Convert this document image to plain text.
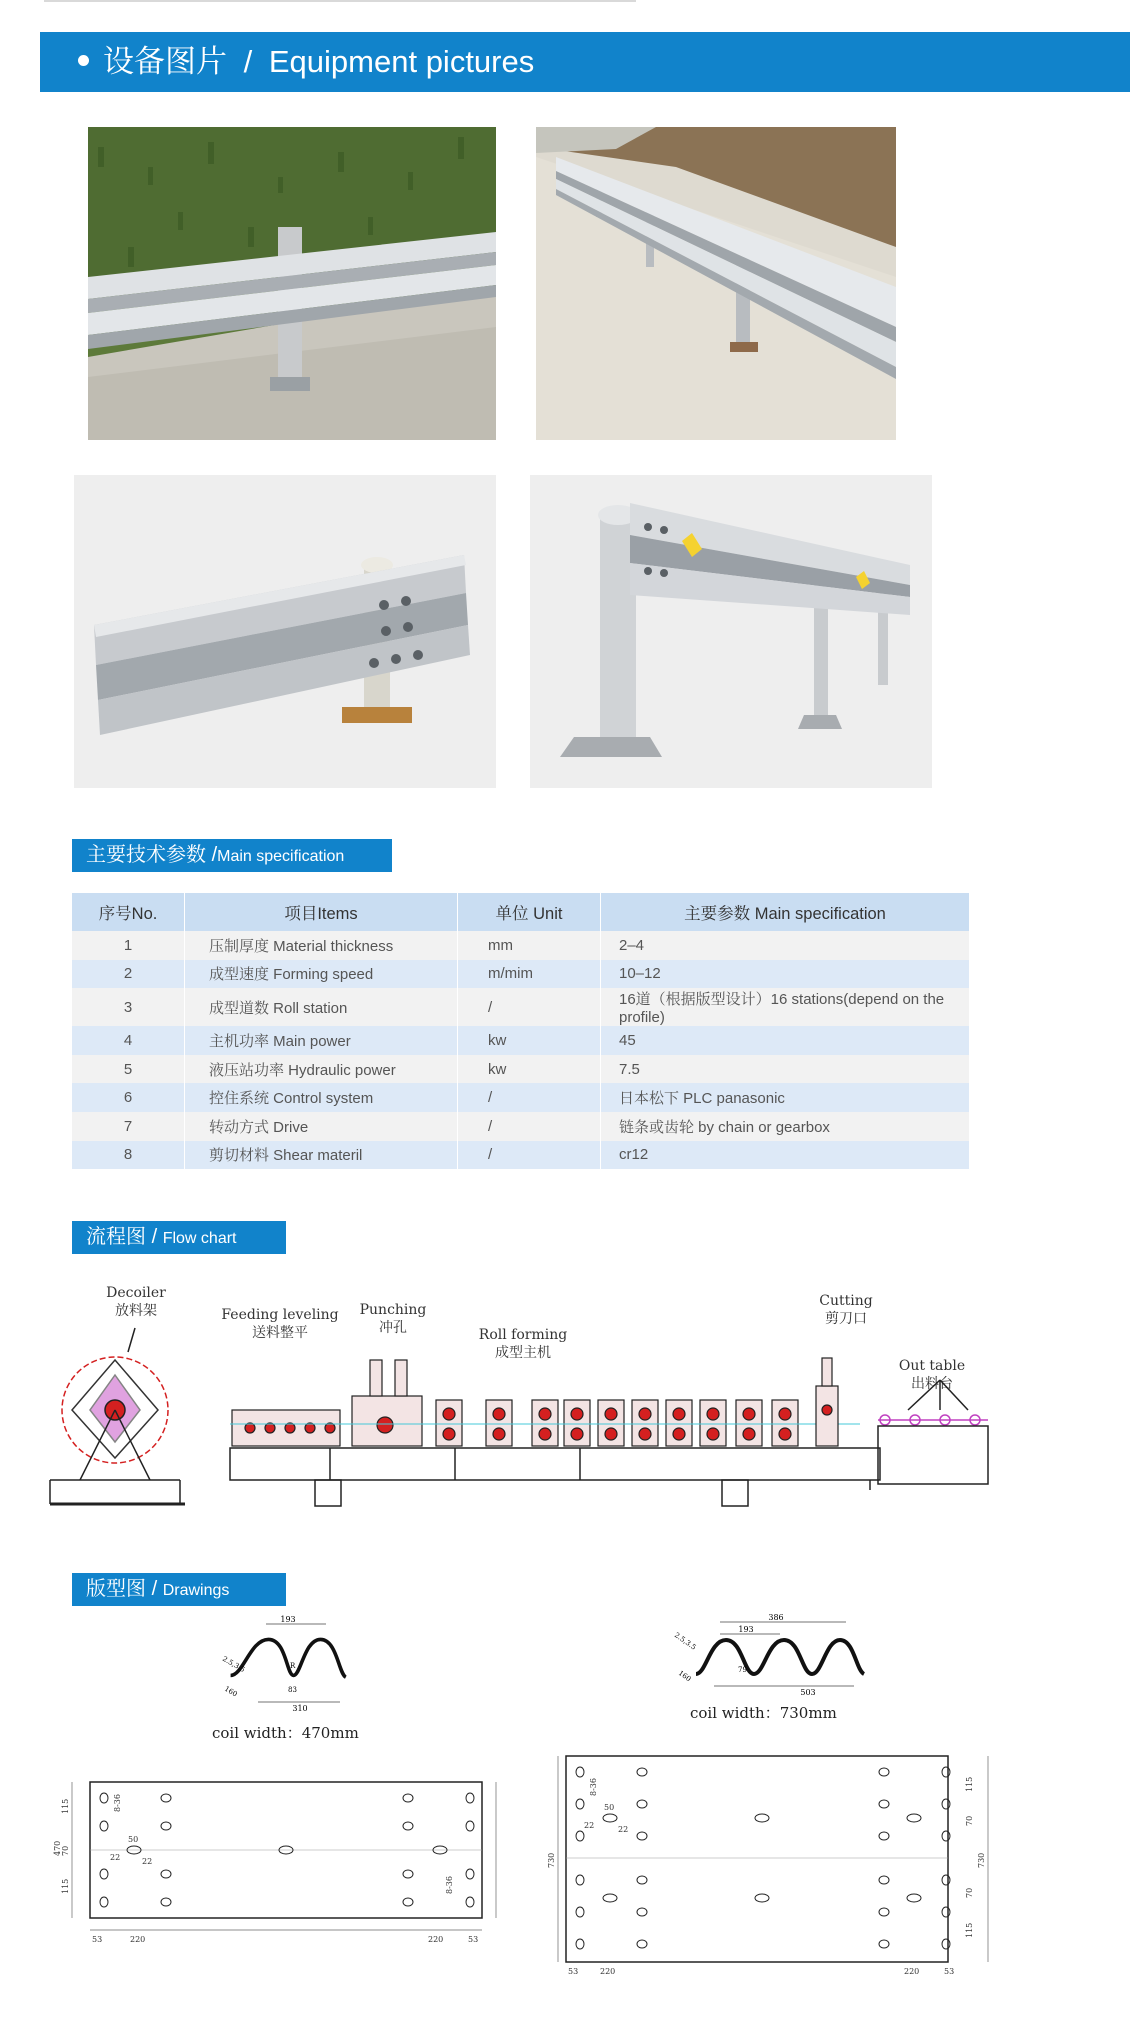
设备图片 / Equipment pictures
主要技术参数 /Main specification
序号No.	项目Items	单位 Unit	主要参数 Main specification
1	压制厚度 Material thickness	mm	2–4
2	成型速度 Forming speed	m/mim	10–12
3	成型道数 Roll station	/	16道（根据版型设计）16 stations(depend on the profile)
4	主机功率 Main power	kw	45
5	液压站功率 Hydraulic power	kw	7.5
6	控住系统 Control system	/	日本松下 PLC panasonic
7	转动方式 Drive	/	链条或齿轮 by chain or gearbox
8	剪切材料 Shear materil	/	cr12
流程图 / Flow chart
Decoiler
放料架	Feeding leveling
送料整平
Punching
冲孔	Roll forming
成型主机
Cutting
剪刀口
Out table
出料台
版型图 / Drawings
193
310
2.5,3.5	R
83
160
coil width：470mm
386
193
503
2.5,3.5
79
160
coil width：730mm
115
70
115
470
53	220	220	53
50
22	22
8-36
8-36
730	730
115
70
70
115
53	220	220	53
50
22	22
8-36
